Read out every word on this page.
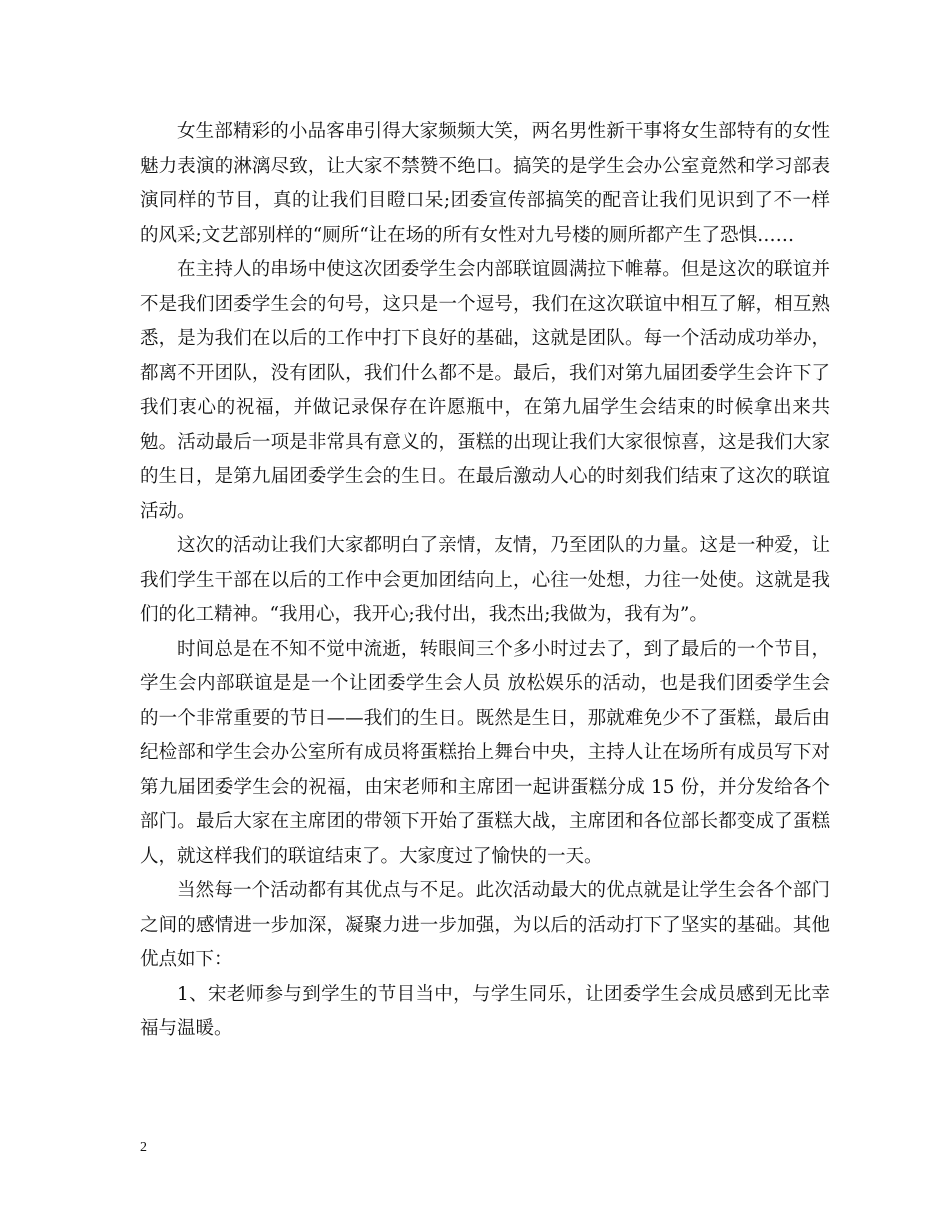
女生部精彩的小品客串引得大家频频大笑，两名男性新干事将女生部特有的女性魅力表演的淋漓尽致，让大家不禁赞不绝口。搞笑的是学生会办公室竟然和学习部表演同样的节目，真的让我们目瞪口呆;团委宣传部搞笑的配音让我们见识到了不一样的风采;文艺部别样的“厕所“让在场的所有女性对九号楼的厕所都产生了恐惧……

在主持人的串场中使这次团委学生会内部联谊圆满拉下帷幕。但是这次的联谊并不是我们团委学生会的句号，这只是一个逗号，我们在这次联谊中相互了解，相互熟悉，是为我们在以后的工作中打下良好的基础，这就是团队。每一个活动成功举办，都离不开团队，没有团队，我们什么都不是。最后，我们对第九届团委学生会许下了我们衷心的祝福，并做记录保存在许愿瓶中，在第九届学生会结束的时候拿出来共勉。活动最后一项是非常具有意义的，蛋糕的出现让我们大家很惊喜，这是我们大家的生日，是第九届团委学生会的生日。在最后激动人心的时刻我们结束了这次的联谊活动。

这次的活动让我们大家都明白了亲情，友情，乃至团队的力量。这是一种爱，让我们学生干部在以后的工作中会更加团结向上，心往一处想，力往一处使。这就是我们的化工精神。“我用心，我开心;我付出，我杰出;我做为，我有为”。

时间总是在不知不觉中流逝，转眼间三个多小时过去了，到了最后的一个节目，学生会内部联谊是是一个让团委学生会人员 放松娱乐的活动，也是我们团委学生会的一个非常重要的节日——我们的生日。既然是生日，那就难免少不了蛋糕，最后由纪检部和学生会办公室所有成员将蛋糕抬上舞台中央，主持人让在场所有成员写下对第九届团委学生会的祝福，由宋老师和主席团一起讲蛋糕分成 15 份，并分发给各个部门。最后大家在主席团的带领下开始了蛋糕大战，主席团和各位部长都变成了蛋糕人，就这样我们的联谊结束了。大家度过了愉快的一天。

当然每一个活动都有其优点与不足。此次活动最大的优点就是让学生会各个部门之间的感情进一步加深，凝聚力进一步加强，为以后的活动打下了坚实的基础。其他优点如下：

1、宋老师参与到学生的节目当中，与学生同乐，让团委学生会成员感到无比幸福与温暖。

2
